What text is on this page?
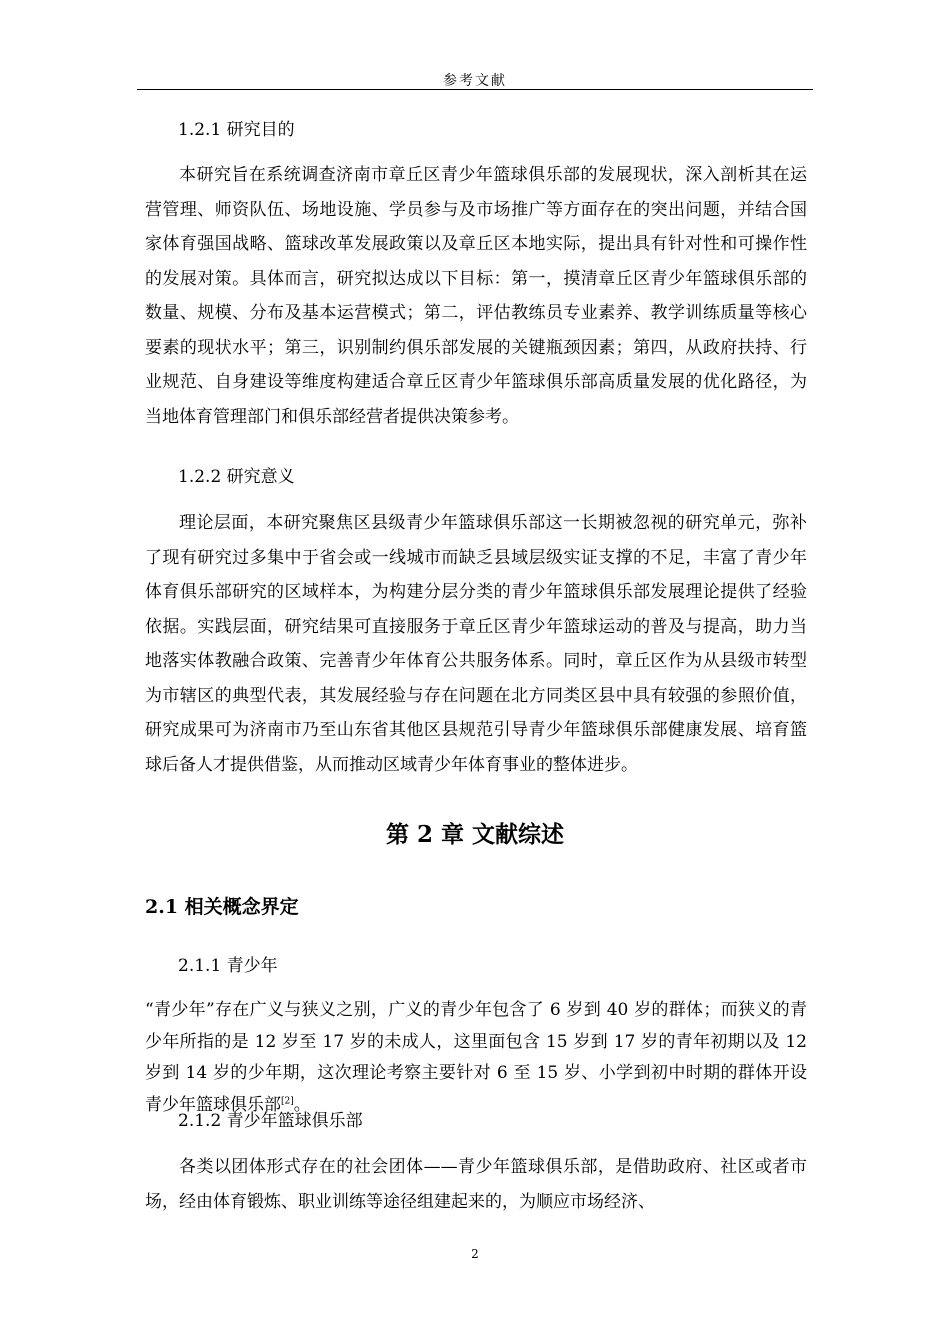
参考文献

1.2.1 研究目的

本研究旨在系统调查济南市章丘区青少年篮球俱乐部的发展现状，深入剖析其在运营管理、师资队伍、场地设施、学员参与及市场推广等方面存在的突出问题，并结合国家体育强国战略、篮球改革发展政策以及章丘区本地实际，提出具有针对性和可操作性的发展对策。具体而言，研究拟达成以下目标：第一，摸清章丘区青少年篮球俱乐部的数量、规模、分布及基本运营模式；第二，评估教练员专业素养、教学训练质量等核心要素的现状水平；第三，识别制约俱乐部发展的关键瓶颈因素；第四，从政府扶持、行业规范、自身建设等维度构建适合章丘区青少年篮球俱乐部高质量发展的优化路径，为当地体育管理部门和俱乐部经营者提供决策参考。

1.2.2 研究意义

理论层面，本研究聚焦区县级青少年篮球俱乐部这一长期被忽视的研究单元，弥补了现有研究过多集中于省会或一线城市而缺乏县域层级实证支撑的不足，丰富了青少年体育俱乐部研究的区域样本，为构建分层分类的青少年篮球俱乐部发展理论提供了经验依据。实践层面，研究结果可直接服务于章丘区青少年篮球运动的普及与提高，助力当地落实体教融合政策、完善青少年体育公共服务体系。同时，章丘区作为从县级市转型为市辖区的典型代表，其发展经验与存在问题在北方同类区县中具有较强的参照价值，研究成果可为济南市乃至山东省其他区县规范引导青少年篮球俱乐部健康发展、培育篮球后备人才提供借鉴，从而推动区域青少年体育事业的整体进步。

第 2 章 文献综述
2.1 相关概念界定

2.1.1 青少年

“青少年”存在广义与狭义之别，广义的青少年包含了 6 岁到 40 岁的群体；而狭义的青少年所指的是 12 岁至 17 岁的未成人，这里面包含 15 岁到 17 岁的青年初期以及 12 岁到 14 岁的少年期，这次理论考察主要针对 6 至 15 岁、小学到初中时期的群体开设青少年篮球俱乐部[2]。

2.1.2 青少年篮球俱乐部

各类以团体形式存在的社会团体——青少年篮球俱乐部，是借助政府、社区或者市场，经由体育锻炼、职业训练等途径组建起来的，为顺应市场经济、

2
